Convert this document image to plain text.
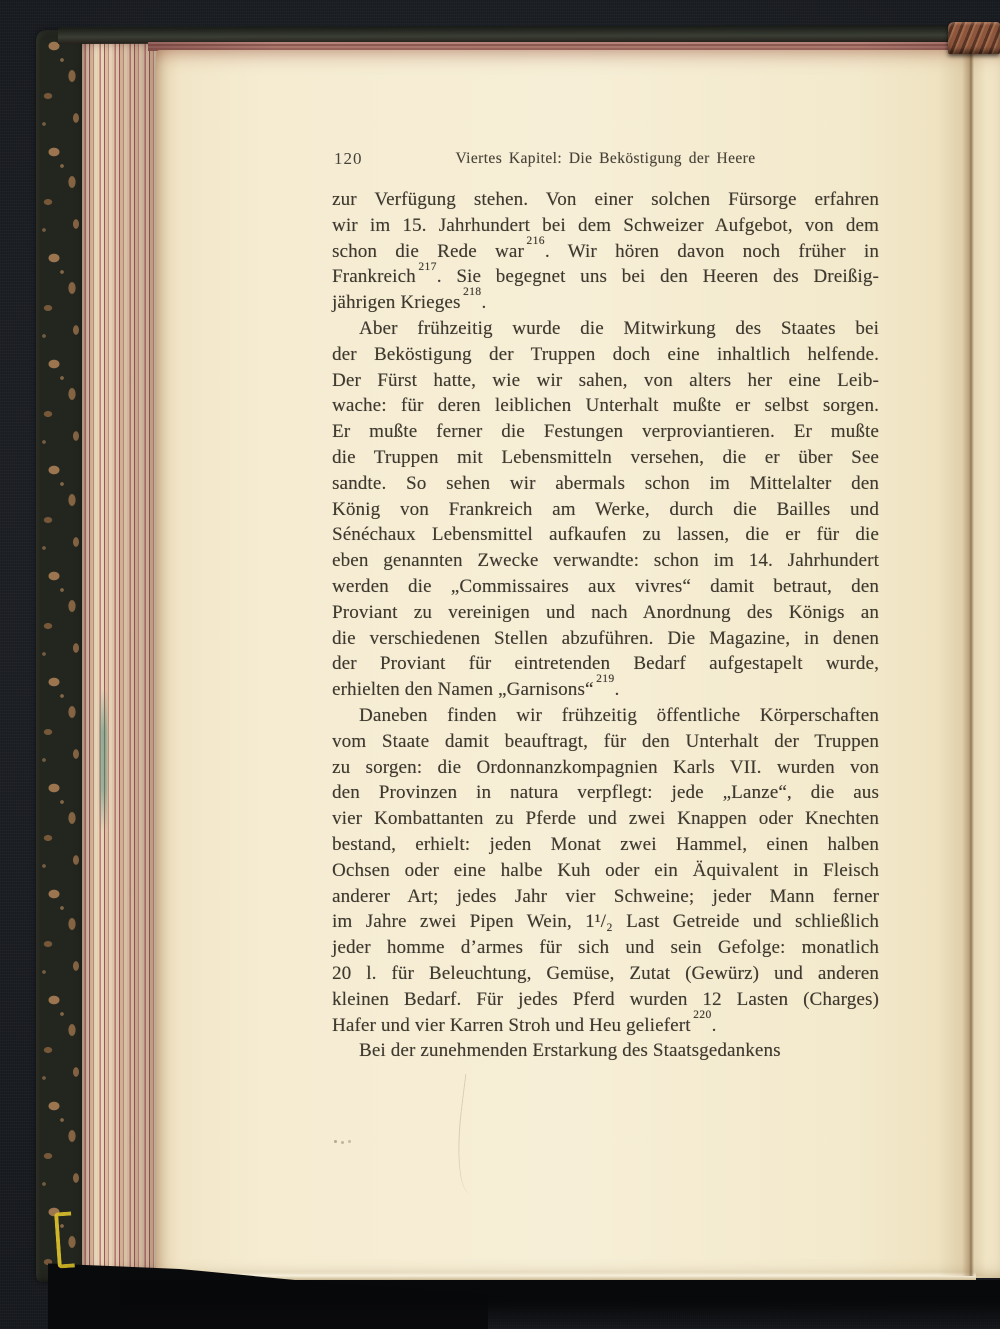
120	Viertes Kapitel: Die Beköstigung der Heere
zur Verfügung stehen. Von einer solchen Fürsorge erfahren
wir im 15. Jahrhundert bei dem Schweizer Aufgebot, von dem
schon die Rede war $^{216}$. Wir hören davon noch früher in
Frankreich $^{217}$. Sie begegnet uns bei den Heeren des Dreißig-
jährigen Krieges $^{218}$.
Aber frühzeitig wurde die Mitwirkung des Staates bei
der Beköstigung der Truppen doch eine inhaltlich helfende.
Der Fürst hatte, wie wir sahen, von alters her eine Leib-
wache: für deren leiblichen Unterhalt mußte er selbst sorgen.
Er mußte ferner die Festungen verproviantieren. Er mußte
die Truppen mit Lebensmitteln versehen, die er über See
sandte. So sehen wir abermals schon im Mittelalter den
König von Frankreich am Werke, durch die Bailles und
Sénéchaux Lebensmittel aufkaufen zu lassen, die er für die
eben genannten Zwecke verwandte: schon im 14. Jahrhundert
werden die „Commissaires aux vivres“ damit betraut, den
Proviant zu vereinigen und nach Anordnung des Königs an
die verschiedenen Stellen abzuführen. Die Magazine, in denen
der Proviant für eintretenden Bedarf aufgestapelt wurde,
erhielten den Namen „Garnisons“ $^{219}$.
Daneben finden wir frühzeitig öffentliche Körperschaften
vom Staate damit beauftragt, für den Unterhalt der Truppen
zu sorgen: die Ordonnanzkompagnien Karls VII. wurden von
den Provinzen in natura verpflegt: jede „Lanze“, die aus
vier Kombattanten zu Pferde und zwei Knappen oder Knechten
bestand, erhielt: jeden Monat zwei Hammel, einen halben
Ochsen oder eine halbe Kuh oder ein Äquivalent in Fleisch
anderer Art; jedes Jahr vier Schweine; jeder Mann ferner
im Jahre zwei Pipen Wein, 1¹/₂ Last Getreide und schließlich
jeder homme d’armes für sich und sein Gefolge: monatlich
20 l. für Beleuchtung, Gemüse, Zutat (Gewürz) und anderen
kleinen Bedarf. Für jedes Pferd wurden 12 Lasten (Charges)
Hafer und vier Karren Stroh und Heu geliefert $^{220}$.
Bei der zunehmenden Erstarkung des Staatsgedankens
